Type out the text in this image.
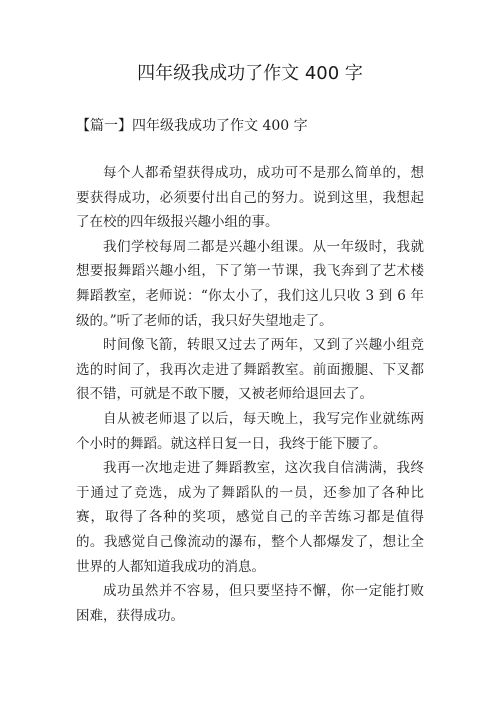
四年级我成功了作文 400 字
【篇一】四年级我成功了作文 400 字

每个人都希望获得成功，成功可不是那么简单的，想要获得成功，必须要付出自己的努力。说到这里，我想起了在校的四年级报兴趣小组的事。

我们学校每周二都是兴趣小组课。从一年级时，我就想要报舞蹈兴趣小组，下了第一节课，我飞奔到了艺术楼舞蹈教室，老师说：“你太小了，我们这儿只收 3 到 6 年级的。”听了老师的话，我只好失望地走了。

时间像飞箭，转眼又过去了两年，又到了兴趣小组竞选的时间了，我再次走进了舞蹈教室。前面搬腿、下叉都很不错，可就是不敢下腰，又被老师给退回去了。

自从被老师退了以后，每天晚上，我写完作业就练两个小时的舞蹈。就这样日复一日，我终于能下腰了。

我再一次地走进了舞蹈教室，这次我自信满满，我终于通过了竞选，成为了舞蹈队的一员，还参加了各种比赛，取得了各种的奖项，感觉自己的辛苦练习都是值得的。我感觉自己像流动的瀑布，整个人都爆发了，想让全世界的人都知道我成功的消息。

成功虽然并不容易，但只要坚持不懈，你一定能打败困难，获得成功。
